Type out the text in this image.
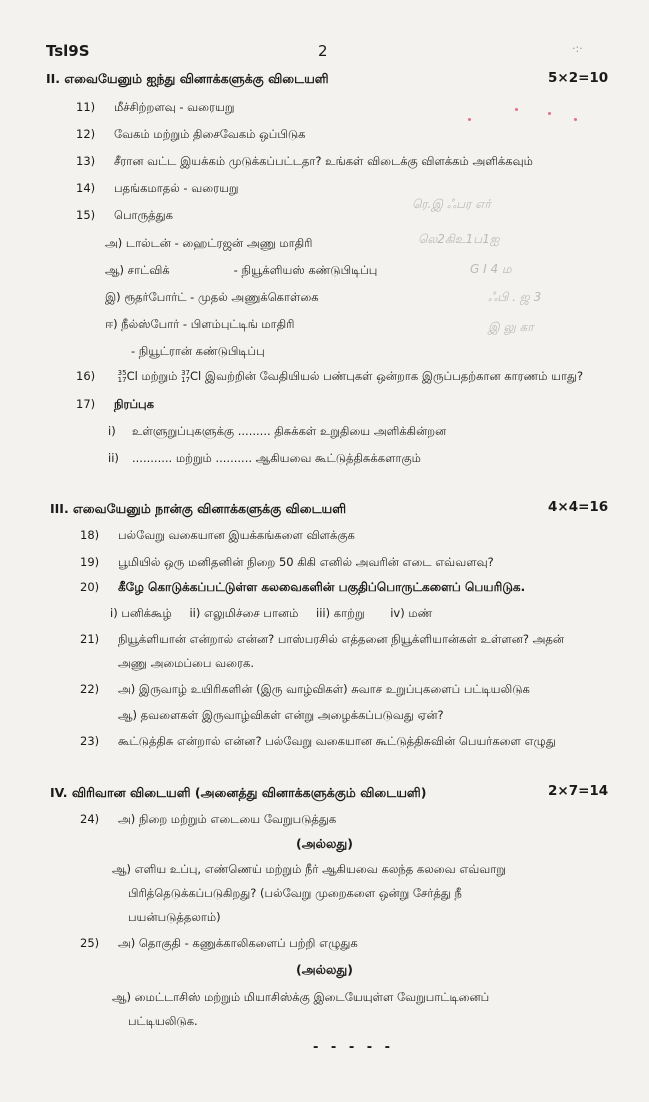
Tsl9S	2	·:·
ரெ.இ ஃபர எர்
லெ2கிஉ1ப1ஐ
G I 4 ம
ஃபி . ஜ 3
இ லு கா
II. எவையேனும் ஐந்து வினாக்களுக்கு விடையளி	5×2=10
11) மீச்சிற்றளவு - வரையறு
12) வேகம் மற்றும் திசைவேகம் ஒப்பிடுக
13) சீரான வட்ட இயக்கம் முடுக்கப்பட்டதா? உங்கள் விடைக்கு விளக்கம் அளிக்கவும்
14) பதங்கமாதல் - வரையறு
15) பொருத்துக
அ) டால்டன் - ஹைட்ரஜன் அணு மாதிரி
ஆ) சாட்விக்	- நியூக்ளியஸ் கண்டுபிடிப்பு
இ) ரூதர்போர்ட் - முதல் அணுக்கொள்கை
ஈ) நீல்ஸ்போர் - பிளம்புட்டிங் மாதிரி
- நியூட்ரான் கண்டுபிடிப்பு
16)	35
17Cl மற்றும் 37
17Cl இவற்றின் வேதியியல் பண்புகள் ஒன்றாக இருப்பதற்கான காரணம் யாது?
17) நிரப்புக
i) உள்ளுறுப்புகளுக்கு ......... திசுக்கள் உறுதியை அளிக்கின்றன
ii) ........... மற்றும் .......... ஆகியவை கூட்டுத்திசுக்களாகும்
III. எவையேனும் நான்கு வினாக்களுக்கு விடையளி	4×4=16
18) பல்வேறு வகையான இயக்கங்களை விளக்குக
19) பூமியில் ஒரு மனிதனின் நிறை 50 கிகி எனில் அவரின் எடை எவ்வளவு?
20) கீழே கொடுக்கப்பட்டுள்ள கலவைகளின் பகுதிப்பொருட்களைப் பெயரிடுக.
i) பனிக்கூழ் ii) எலுமிச்சை பானம் iii) காற்று iv) மண்
21) நியூக்ளியான் என்றால் என்ன? பாஸ்பரசில் எத்தனை நியூக்ளியான்கள் உள்ளன? அதன்
அணு அமைப்பை வரைக.
22) அ) இருவாழ் உயிரிகளின் (இரு வாழ்விகள்) சுவாச உறுப்புகளைப் பட்டியலிடுக
ஆ) தவளைகள் இருவாழ்விகள் என்று அழைக்கப்படுவது ஏன்?
23) கூட்டுத்திசு என்றால் என்ன? பல்வேறு வகையான கூட்டுத்திசுவின் பெயர்களை எழுது
IV. விரிவான விடையளி (அனைத்து வினாக்களுக்கும் விடையளி)	2×7=14
24) அ) நிறை மற்றும் எடையை வேறுபடுத்துக
(அல்லது)
ஆ) எளிய உப்பு, எண்ணெய் மற்றும் நீர் ஆகியவை கலந்த கலவை எவ்வாறு
பிரித்தெடுக்கப்படுகிறது? (பல்வேறு முறைகளை ஒன்று சேர்த்து நீ
பயன்படுத்தலாம்)
25) அ) தொகுதி - கணுக்காலிகளைப் பற்றி எழுதுக
(அல்லது)
ஆ) மைட்டாசிஸ் மற்றும் மியாசிஸ்க்கு இடையேயுள்ள வேறுபாட்டினைப்
பட்டியலிடுக.
- - - - -
